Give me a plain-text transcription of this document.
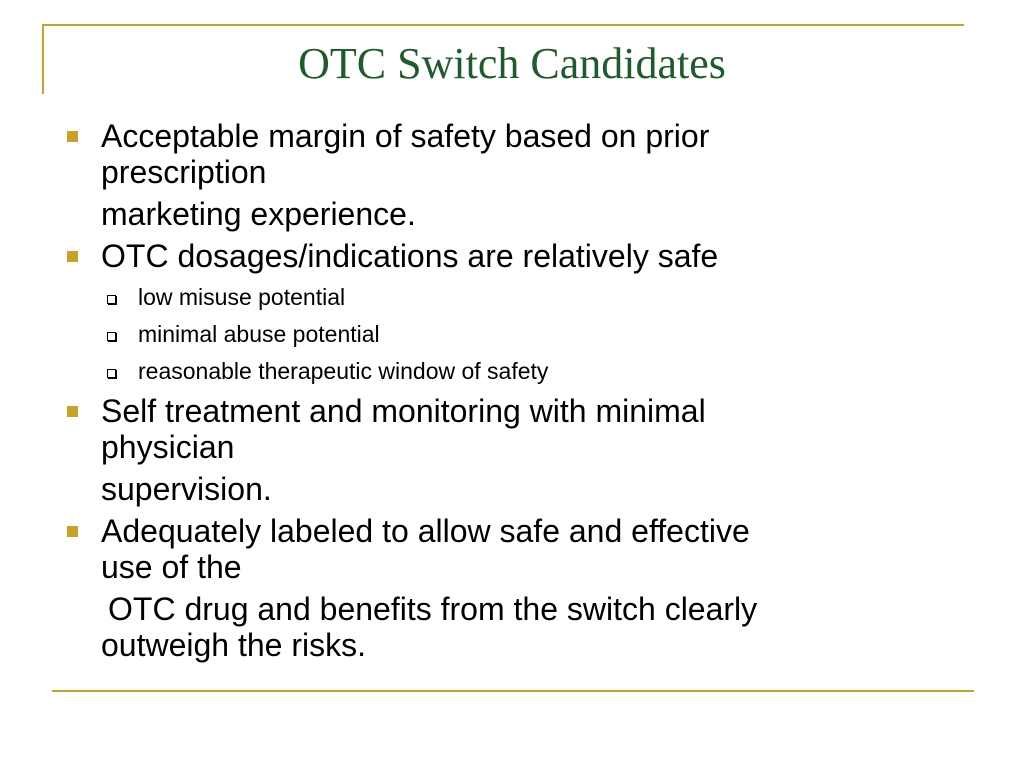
OTC Switch Candidates
Acceptable margin of safety based on prior
prescription
marketing experience.
OTC dosages/indications are relatively safe
low misuse potential
minimal abuse potential
reasonable therapeutic window of safety
Self treatment and monitoring with minimal
physician
supervision.
Adequately labeled to allow safe and effective
use of the
OTC drug and benefits from the switch clearly
outweigh the risks.
